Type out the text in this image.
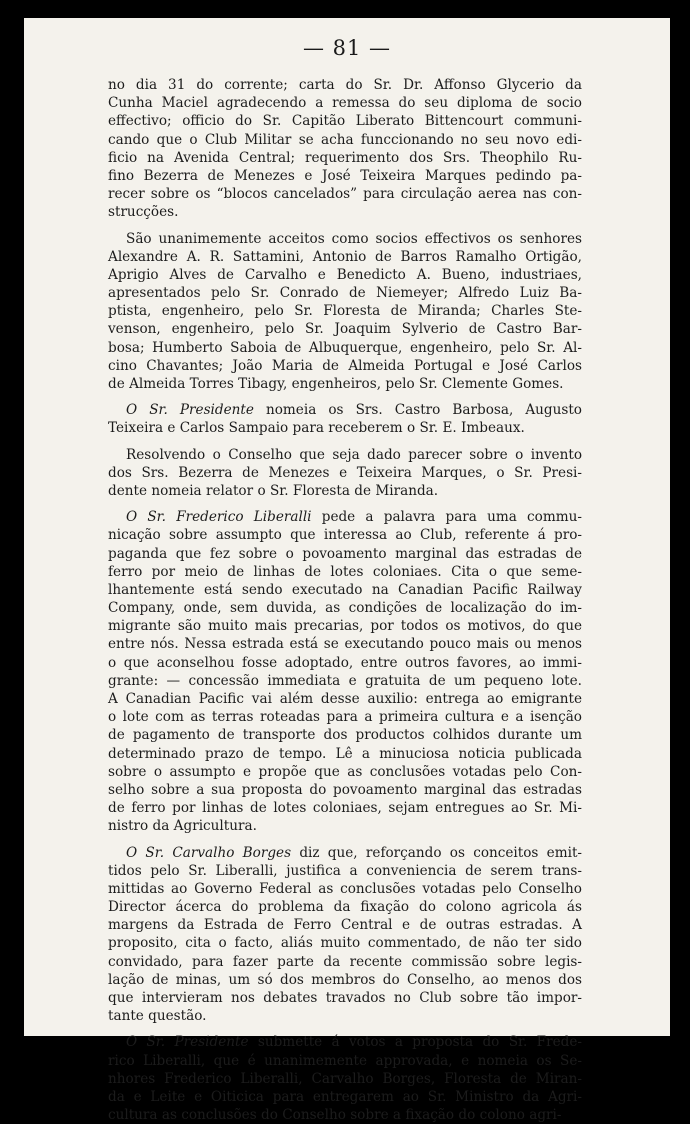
— 81 —
no dia 31 do corrente; carta do Sr. Dr. Affonso Glycerio da
Cunha Maciel agradecendo a remessa do seu diploma de socio
effectivo; officio do Sr. Capitão Liberato Bittencourt communi-
cando que o Club Militar se acha funccionando no seu novo edi-
ficio na Avenida Central; requerimento dos Srs. Theophilo Ru-
fino Bezerra de Menezes e José Teixeira Marques pedindo pa-
recer sobre os “blocos cancelados” para circulação aerea nas con-
strucções.
São unanimemente acceitos como socios effectivos os senhores
Alexandre A. R. Sattamini, Antonio de Barros Ramalho Ortigão,
Aprigio Alves de Carvalho e Benedicto A. Bueno, industriaes,
apresentados pelo Sr. Conrado de Niemeyer; Alfredo Luiz Ba-
ptista, engenheiro, pelo Sr. Floresta de Miranda; Charles Ste-
venson, engenheiro, pelo Sr. Joaquim Sylverio de Castro Bar-
bosa; Humberto Saboia de Albuquerque, engenheiro, pelo Sr. Al-
cino Chavantes; João Maria de Almeida Portugal e José Carlos
de Almeida Torres Tibagy, engenheiros, pelo Sr. Clemente Gomes.
O Sr. Presidente nomeia os Srs. Castro Barbosa, Augusto
Teixeira e Carlos Sampaio para receberem o Sr. E. Imbeaux.
Resolvendo o Conselho que seja dado parecer sobre o invento
dos Srs. Bezerra de Menezes e Teixeira Marques, o Sr. Presi-
dente nomeia relator o Sr. Floresta de Miranda.
O Sr. Frederico Liberalli pede a palavra para uma commu-
nicação sobre assumpto que interessa ao Club, referente á pro-
paganda que fez sobre o povoamento marginal das estradas de
ferro por meio de linhas de lotes coloniaes. Cita o que seme-
lhantemente está sendo executado na Canadian Pacific Railway
Company, onde, sem duvida, as condições de localização do im-
migrante são muito mais precarias, por todos os motivos, do que
entre nós. Nessa estrada está se executando pouco mais ou menos
o que aconselhou fosse adoptado, entre outros favores, ao immi-
grante: — concessão immediata e gratuita de um pequeno lote.
A Canadian Pacific vai além desse auxilio: entrega ao emigrante
o lote com as terras roteadas para a primeira cultura e a isenção
de pagamento de transporte dos productos colhidos durante um
determinado prazo de tempo. Lê a minuciosa noticia publicada
sobre o assumpto e propõe que as conclusões votadas pelo Con-
selho sobre a sua proposta do povoamento marginal das estradas
de ferro por linhas de lotes coloniaes, sejam entregues ao Sr. Mi-
nistro da Agricultura.
O Sr. Carvalho Borges diz que, reforçando os conceitos emit-
tidos pelo Sr. Liberalli, justifica a conveniencia de serem trans-
mittidas ao Governo Federal as conclusões votadas pelo Conselho
Director ácerca do problema da fixação do colono agricola ás
margens da Estrada de Ferro Central e de outras estradas. A
proposito, cita o facto, aliás muito commentado, de não ter sido
convidado, para fazer parte da recente commissão sobre legis-
lação de minas, um só dos membros do Conselho, ao menos dos
que intervieram nos debates travados no Club sobre tão impor-
tante questão.
O Sr. Presidente submette á votos a proposta do Sr. Frede-
rico Liberalli, que é unanimemente approvada, e nomeia os Se-
nhores Frederico Liberalli, Carvalho Borges, Floresta de Miran-
da e Leite e Oiticica para entregarem ao Sr. Ministro da Agri-
cultura as conclusões do Conselho sobre a fixação do colono agri-
